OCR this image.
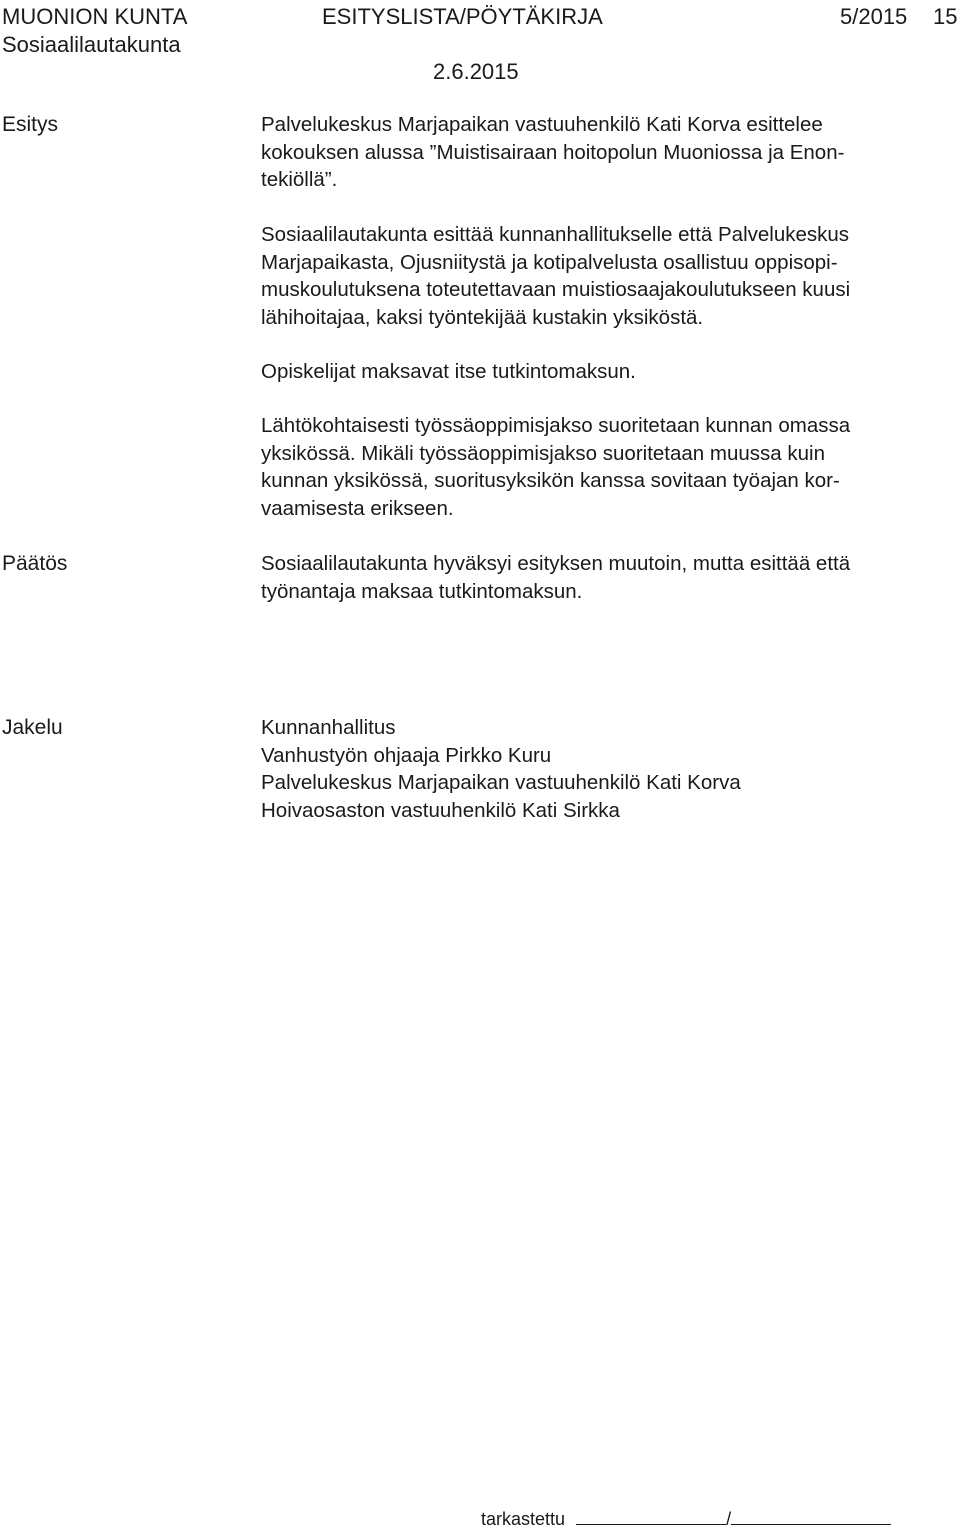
MUONION KUNTA	ESITYSLISTA/PÖYTÄKIRJA	5/2015 15
Sosiaalilautakunta
2.6.2015
Esitys	Palvelukeskus Marjapaikan vastuuhenkilö Kati Korva esittelee
kokouksen alussa ”Muistisairaan hoitopolun Muoniossa ja Enon-
tekiöllä”.
Sosiaalilautakunta esittää kunnanhallitukselle että Palvelukeskus
Marjapaikasta, Ojusniitystä ja kotipalvelusta osallistuu oppisopi-
muskoulutuksena toteutettavaan muistiosaajakoulutukseen kuusi
lähihoitajaa, kaksi työntekijää kustakin yksiköstä.
Opiskelijat maksavat itse tutkintomaksun.
Lähtökohtaisesti työssäoppimisjakso suoritetaan kunnan omassa
yksikössä. Mikäli työssäoppimisjakso suoritetaan muussa kuin
kunnan yksikössä, suoritusyksikön kanssa sovitaan työajan kor-
vaamisesta erikseen.
Päätös	Sosiaalilautakunta hyväksyi esityksen muutoin, mutta esittää että
työnantaja maksaa tutkintomaksun.
Jakelu	Kunnanhallitus
Vanhustyön ohjaaja Pirkko Kuru
Palvelukeskus Marjapaikan vastuuhenkilö Kati Korva
Hoivaosaston vastuuhenkilö Kati Sirkka
tarkastettu	/
